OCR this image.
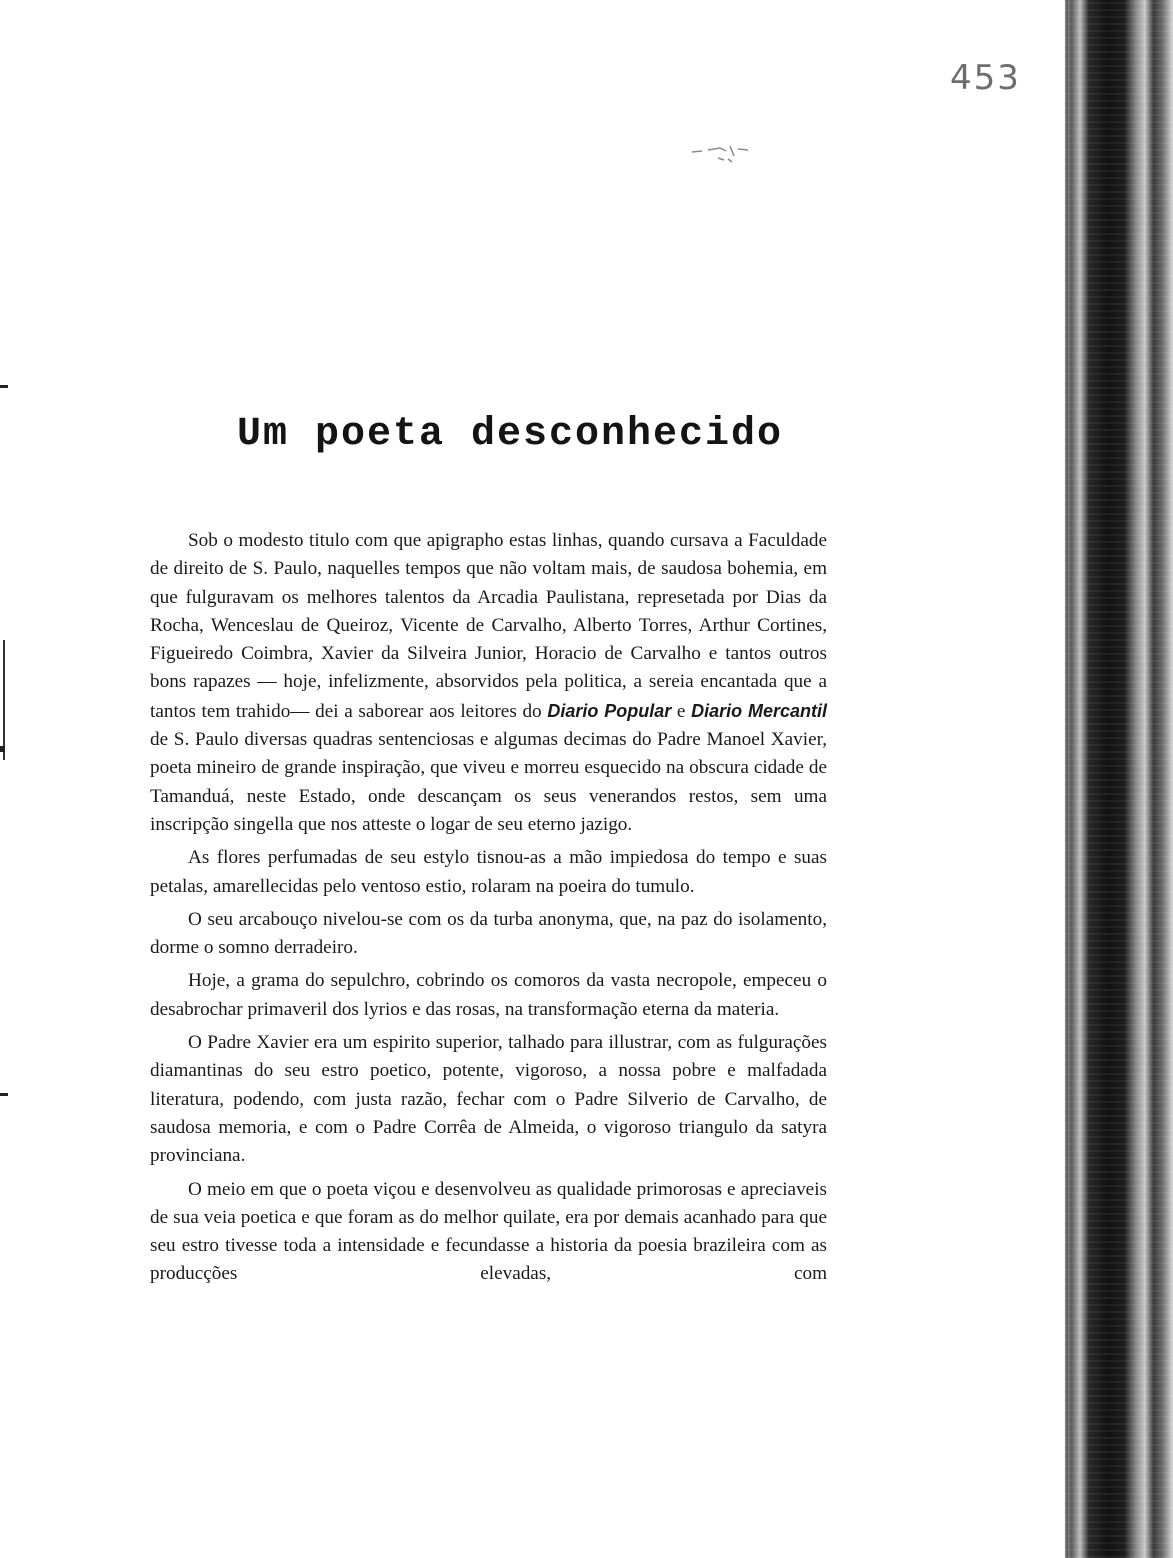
453
Um poeta desconhecido

Sob o modesto titulo com que apigrapho estas linhas, quando cursava a Faculdade de direito de S. Paulo, naquelles tempos que não voltam mais, de saudosa bohemia, em que fulguravam os melhores talentos da Arcadia Paulistana, represetada por Dias da Rocha, Wenceslau de Queiroz, Vicente de Carvalho, Alberto Torres, Arthur Cortines, Figueiredo Coimbra, Xavier da Silveira Junior, Horacio de Carvalho e tantos outros bons rapazes — hoje, infelizmente, absorvidos pela politica, a sereia encantada que a tantos tem trahido— dei a saborear aos leitores do Diario Popular e Diario Mercantil de S. Paulo diversas quadras sentenciosas e algumas decimas do Padre Manoel Xavier, poeta mineiro de grande inspiração, que viveu e morreu esquecido na obscura cidade de Tamanduá, neste Estado, onde descançam os seus venerandos restos, sem uma inscripção singella que nos atteste o logar de seu eterno jazigo.

As flores perfumadas de seu estylo tisnou-as a mão impiedosa do tempo e suas petalas, amarellecidas pelo ventoso estio, rolaram na poeira do tumulo.

O seu arcabouço nivelou-se com os da turba anonyma, que, na paz do isolamento, dorme o somno derradeiro.

Hoje, a grama do sepulchro, cobrindo os comoros da vasta necropole, empeceu o desabrochar primaveril dos lyrios e das rosas, na transformação eterna da materia.

O Padre Xavier era um espirito superior, talhado para illustrar, com as fulgurações diamantinas do seu estro poetico, potente, vigoroso, a nossa pobre e malfadada literatura, podendo, com justa razão, fechar com o Padre Silverio de Carvalho, de saudosa memoria, e com o Padre Corrêa de Almeida, o vigoroso triangulo da satyra provinciana.

O meio em que o poeta viçou e desenvolveu as qualidade primorosas e apreciaveis de sua veia poetica e que foram as do melhor quilate, era por demais acanhado para que seu estro tivesse toda a intensidade e fecundasse a historia da poesia brazileira com as producções elevadas, com
